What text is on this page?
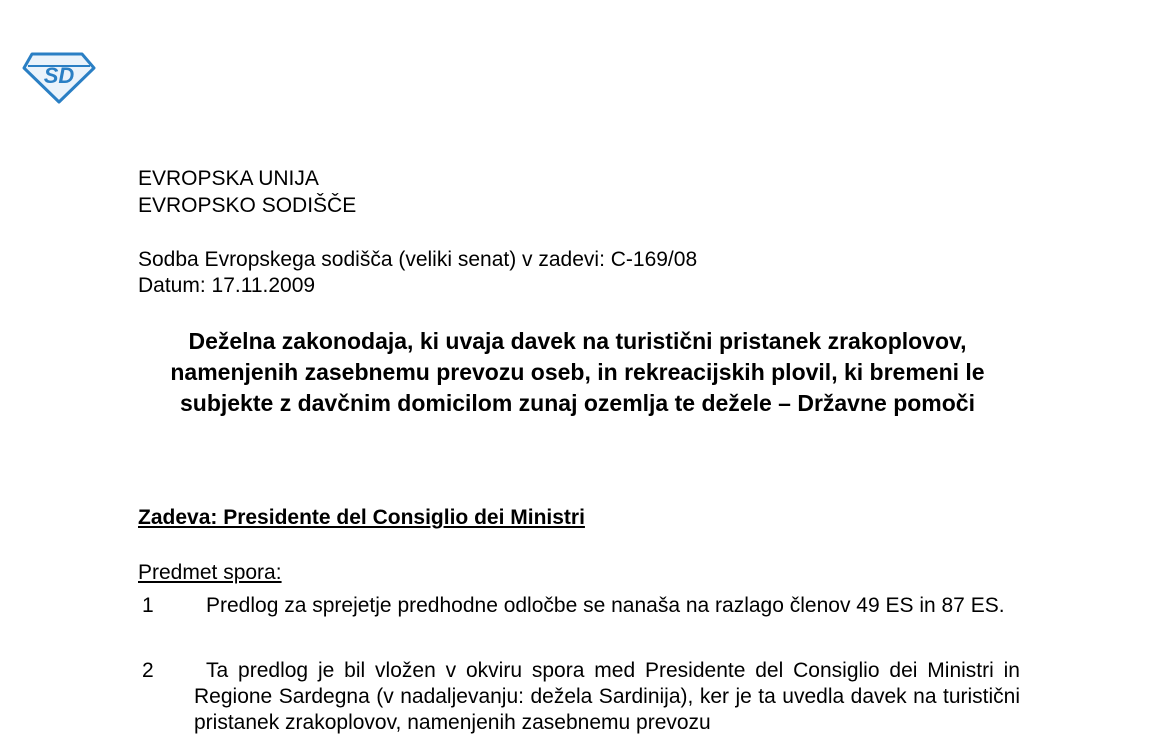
SD
EVROPSKA UNIJA
EVROPSKO SODIŠČE
Sodba Evropskega sodišča (veliki senat) v zadevi: C-169/08
Datum: 17.11.2009
Deželna zakonodaja, ki uvaja davek na turistični pristanek zrakoplovov, namenjenih zasebnemu prevozu oseb, in rekreacijskih plovil, ki bremeni le subjekte z davčnim domicilom zunaj ozemlja te dežele – Državne pomoči
Zadeva: Presidente del Consiglio dei Ministri
Predmet spora:
1	Predlog za sprejetje predhodne odločbe se nanaša na razlago členov 49 ES in 87 ES.
2	Ta predlog je bil vložen v okviru spora med Presidente del Consiglio dei Ministri in Regione Sardegna (v nadaljevanju: dežela Sardinija), ker je ta uvedla davek na turistični pristanek zrakoplovov, namenjenih zasebnemu prevozu
